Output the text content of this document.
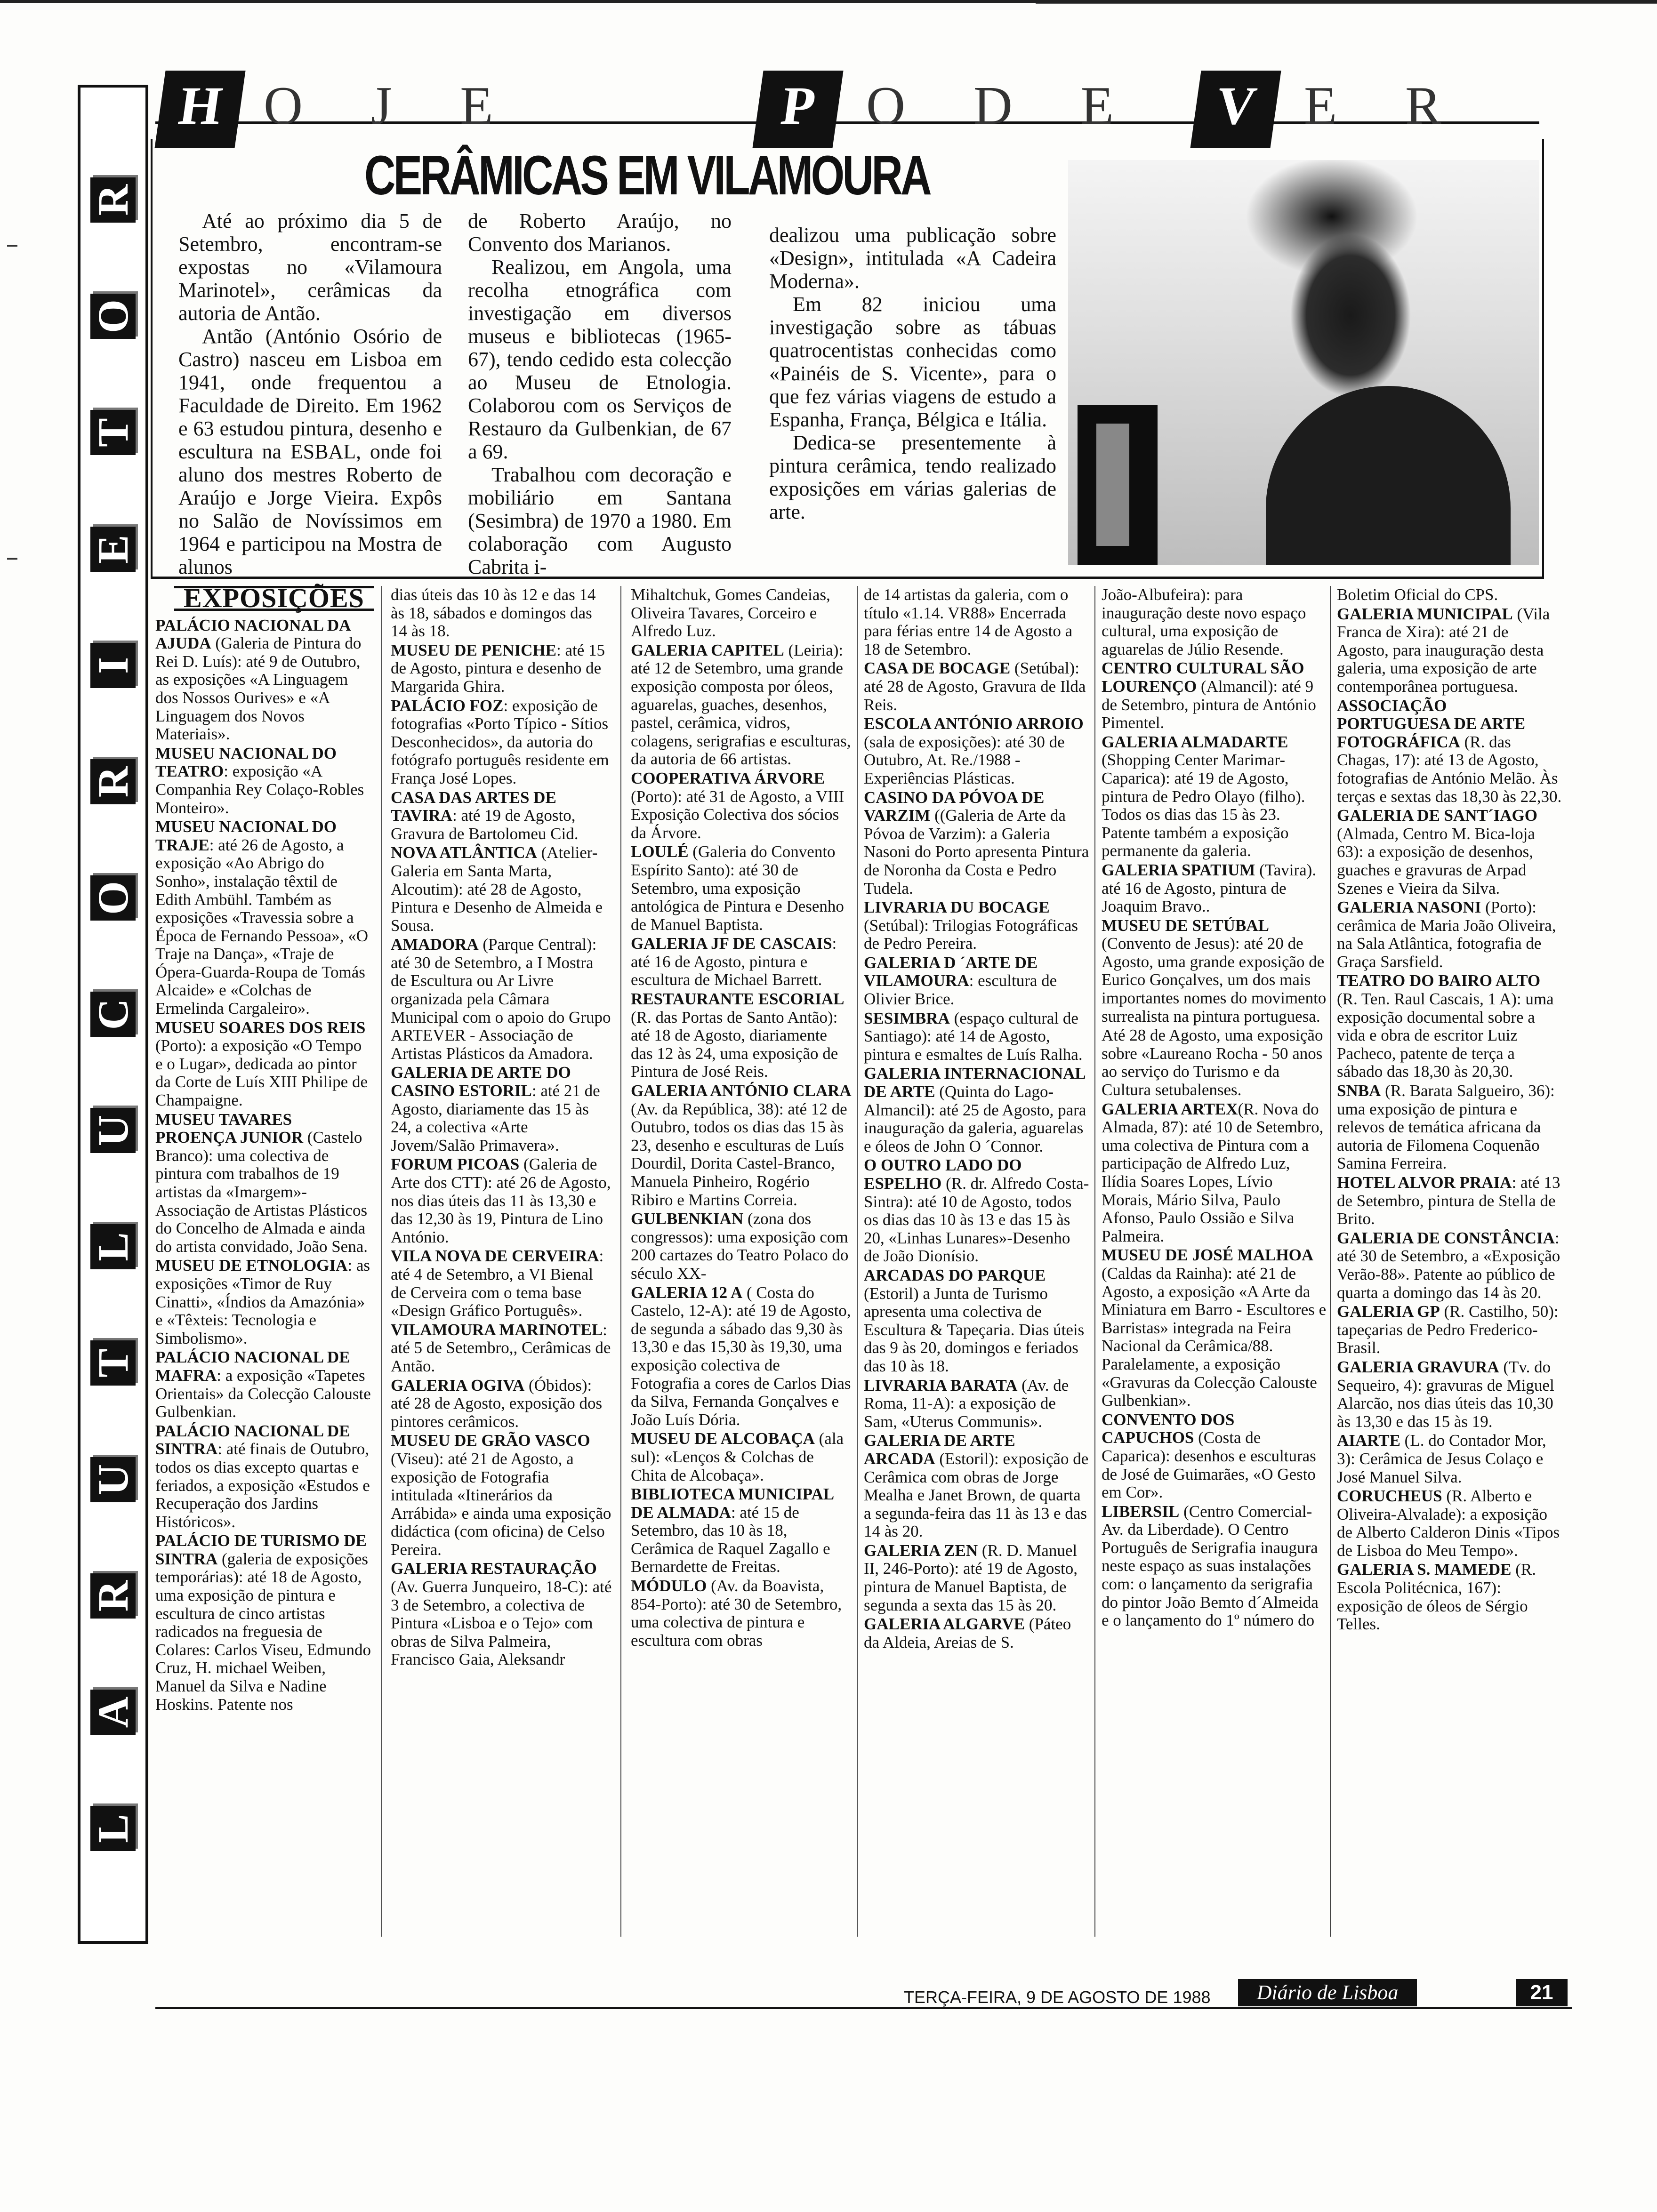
R
O
T
E
I
R
O
C
U
L
T
U
R
A
L
H O J E	P O D E	V E R
CERÂMICAS EM VILAMOURA

Até ao próximo dia 5 de Setembro, encontram-se expostas no «Vilamoura Marinotel», cerâmicas da autoria de Antão.

Antão (António Osório de Castro) nasceu em Lisboa em 1941, onde frequentou a Faculdade de Direito. Em 1962 e 63 estudou pintura, desenho e escultura na ESBAL, onde foi aluno dos mestres Roberto de Araújo e Jorge Vieira. Expôs no Salão de Novíssimos em 1964 e participou na Mostra de alunos

de Roberto Araújo, no Convento dos Marianos.

Realizou, em Angola, uma recolha etnográfica com investigação em diversos museus e bibliotecas (1965-67), tendo cedido esta colecção ao Museu de Etnologia. Colaborou com os Serviços de Restauro da Gulbenkian, de 67 a 69.

Trabalhou com decoração e mobiliário em Santana (Sesimbra) de 1970 a 1980. Em colaboração com Augusto Cabrita i-

dealizou uma publicação sobre «Design», intitulada «A Cadeira Moderna».

Em 82 iniciou uma investigação sobre as tábuas quatrocentistas conhecidas como «Painéis de S. Vicente», para o que fez várias viagens de estudo a Espanha, França, Bélgica e Itália.

Dedica-se presentemente à pintura cerâmica, tendo realizado exposições em várias galerias de arte.

EXPOSIÇÕES
PALÁCIO NACIONAL DA AJUDA (Galeria de Pintura do Rei D. Luís): até 9 de Outubro, as exposições «A Linguagem dos Nossos Ourives» e «A Linguagem dos Novos Materiais».
MUSEU NACIONAL DO TEATRO: exposição «A Companhia Rey Colaço-Robles Monteiro».
MUSEU NACIONAL DO TRAJE: até 26 de Agosto, a exposição «Ao Abrigo do Sonho», instalação têxtil de Edith Ambühl. Também as exposições «Travessia sobre a Época de Fernando Pessoa», «O Traje na Dança», «Traje de Ópera-Guarda-Roupa de Tomás Alcaide» e «Colchas de Ermelinda Cargaleiro».
MUSEU SOARES DOS REIS (Porto): a exposição «O Tempo e o Lugar», dedicada ao pintor da Corte de Luís XIII Philipe de Champaigne.
MUSEU TAVARES PROENÇA JUNIOR (Castelo Branco): uma colectiva de pintura com trabalhos de 19 artistas da «Imargem»-Associação de Artistas Plásticos do Concelho de Almada e ainda do artista convidado, João Sena.
MUSEU DE ETNOLOGIA: as exposições «Timor de Ruy Cinatti», «Índios da Amazónia» e «Têxteis: Tecnologia e Simbolismo».
PALÁCIO NACIONAL DE MAFRA: a exposição «Tapetes Orientais» da Colecção Calouste Gulbenkian.
PALÁCIO NACIONAL DE SINTRA: até finais de Outubro, todos os dias excepto quartas e feriados, a exposição «Estudos e Recuperação dos Jardins Históricos».
PALÁCIO DE TURISMO DE SINTRA (galeria de exposições temporárias): até 18 de Agosto, uma exposição de pintura e escultura de cinco artistas radicados na freguesia de Colares: Carlos Viseu, Edmundo Cruz, H. michael Weiben, Manuel da Silva e Nadine Hoskins. Patente nos
dias úteis das 10 às 12 e das 14 às 18, sábados e domingos das 14 às 18.
MUSEU DE PENICHE: até 15 de Agosto, pintura e desenho de Margarida Ghira.
PALÁCIO FOZ: exposição de fotografias «Porto Típico - Sítios Desconhecidos», da autoria do fotógrafo português residente em França José Lopes.
CASA DAS ARTES DE TAVIRA: até 19 de Agosto, Gravura de Bartolomeu Cid.
NOVA ATLÂNTICA (Atelier-Galeria em Santa Marta, Alcoutim): até 28 de Agosto, Pintura e Desenho de Almeida e Sousa.
AMADORA (Parque Central): até 30 de Setembro, a I Mostra de Escultura ou Ar Livre organizada pela Câmara Municipal com o apoio do Grupo ARTEVER - Associação de Artistas Plásticos da Amadora.
GALERIA DE ARTE DO CASINO ESTORIL: até 21 de Agosto, diariamente das 15 às 24, a colectiva «Arte Jovem/Salão Primavera».
FORUM PICOAS (Galeria de Arte dos CTT): até 26 de Agosto, nos dias úteis das 11 às 13,30 e das 12,30 às 19, Pintura de Lino António.
VILA NOVA DE CERVEIRA: até 4 de Setembro, a VI Bienal de Cerveira com o tema base «Design Gráfico Português».
VILAMOURA MARINOTEL: até 5 de Setembro,, Cerâmicas de Antão.
GALERIA OGIVA (Óbidos): até 28 de Agosto, exposição dos pintores cerâmicos.
MUSEU DE GRÃO VASCO (Viseu): até 21 de Agosto, a exposição de Fotografia intitulada «Itinerários da Arrábida» e ainda uma exposição didáctica (com oficina) de Celso Pereira.
GALERIA RESTAURAÇÃO (Av. Guerra Junqueiro, 18-C): até 3 de Setembro, a colectiva de Pintura «Lisboa e o Tejo» com obras de Silva Palmeira, Francisco Gaia, Aleksandr
Mihaltchuk, Gomes Candeias, Oliveira Tavares, Corceiro e Alfredo Luz.
GALERIA CAPITEL (Leiria): até 12 de Setembro, uma grande exposição composta por óleos, aguarelas, guaches, desenhos, pastel, cerâmica, vidros, colagens, serigrafias e esculturas, da autoria de 66 artistas.
COOPERATIVA ÁRVORE (Porto): até 31 de Agosto, a VIII Exposição Colectiva dos sócios da Árvore.
LOULÉ (Galeria do Convento Espírito Santo): até 30 de Setembro, uma exposição antológica de Pintura e Desenho de Manuel Baptista.
GALERIA JF DE CASCAIS: até 16 de Agosto, pintura e escultura de Michael Barrett.
RESTAURANTE ESCORIAL (R. das Portas de Santo Antão): até 18 de Agosto, diariamente das 12 às 24, uma exposição de Pintura de José Reis.
GALERIA ANTÓNIO CLARA (Av. da República, 38): até 12 de Outubro, todos os dias das 15 às 23, desenho e esculturas de Luís Dourdil, Dorita Castel-Branco, Manuela Pinheiro, Rogério Ribiro e Martins Correia.
GULBENKIAN (zona dos congressos): uma exposição com 200 cartazes do Teatro Polaco do século XX-
GALERIA 12 A ( Costa do Castelo, 12-A): até 19 de Agosto, de segunda a sábado das 9,30 às 13,30 e das 15,30 às 19,30, uma exposição colectiva de Fotografia a cores de Carlos Dias da Silva, Fernanda Gonçalves e João Luís Dória.
MUSEU DE ALCOBAÇA (ala sul): «Lenços & Colchas de Chita de Alcobaça».
BIBLIOTECA MUNICIPAL DE ALMADA: até 15 de Setembro, das 10 às 18, Cerâmica de Raquel Zagallo e Bernardette de Freitas.
MÓDULO (Av. da Boavista, 854-Porto): até 30 de Setembro, uma colectiva de pintura e escultura com obras
de 14 artistas da galeria, com o título «1.14. VR88» Encerrada para férias entre 14 de Agosto a 18 de Setembro.
CASA DE BOCAGE (Setúbal): até 28 de Agosto, Gravura de Ilda Reis.
ESCOLA ANTÓNIO ARROIO (sala de exposições): até 30 de Outubro, At. Re./1988 - Experiências Plásticas.
CASINO DA PÓVOA DE VARZIM ((Galeria de Arte da Póvoa de Varzim): a Galeria Nasoni do Porto apresenta Pintura de Noronha da Costa e Pedro Tudela.
LIVRARIA DU BOCAGE (Setúbal): Trilogias Fotográficas de Pedro Pereira.
GALERIA D ´ARTE DE VILAMOURA: escultura de Olivier Brice.
SESIMBRA (espaço cultural de Santiago): até 14 de Agosto, pintura e esmaltes de Luís Ralha.
GALERIA INTERNACIONAL DE ARTE (Quinta do Lago-Almancil): até 25 de Agosto, para inauguração da galeria, aguarelas e óleos de John O ´Connor.
O OUTRO LADO DO ESPELHO (R. dr. Alfredo Costa-Sintra): até 10 de Agosto, todos os dias das 10 às 13 e das 15 às 20, «Linhas Lunares»-Desenho de João Dionísio.
ARCADAS DO PARQUE (Estoril) a Junta de Turismo apresenta uma colectiva de Escultura & Tapeçaria. Dias úteis das 9 às 20, domingos e feriados das 10 às 18.
LIVRARIA BARATA (Av. de Roma, 11-A): a exposição de Sam, «Uterus Communis».
GALERIA DE ARTE ARCADA (Estoril): exposição de Cerâmica com obras de Jorge Mealha e Janet Brown, de quarta a segunda-feira das 11 às 13 e das 14 às 20.
GALERIA ZEN (R. D. Manuel II, 246-Porto): até 19 de Agosto, pintura de Manuel Baptista, de segunda a sexta das 15 às 20.
GALERIA ALGARVE (Páteo da Aldeia, Areias de S.
João-Albufeira): para inauguração deste novo espaço cultural, uma exposição de aguarelas de Júlio Resende.
CENTRO CULTURAL SÃO LOURENÇO (Almancil): até 9 de Setembro, pintura de António Pimentel.
GALERIA ALMADARTE (Shopping Center Marimar-Caparica): até 19 de Agosto, pintura de Pedro Olayo (filho). Todos os dias das 15 às 23. Patente também a exposição permanente da galeria.
GALERIA SPATIUM (Tavira). até 16 de Agosto, pintura de Joaquim Bravo..
MUSEU DE SETÚBAL (Convento de Jesus): até 20 de Agosto, uma grande exposição de Eurico Gonçalves, um dos mais importantes nomes do movimento surrealista na pintura portuguesa.
Até 28 de Agosto, uma exposição sobre «Laureano Rocha - 50 anos ao serviço do Turismo e da Cultura setubalenses.
GALERIA ARTEX(R. Nova do Almada, 87): até 10 de Setembro, uma colectiva de Pintura com a participação de Alfredo Luz, Ilídia Soares Lopes, Lívio Morais, Mário Silva, Paulo Afonso, Paulo Ossião e Silva Palmeira.
MUSEU DE JOSÉ MALHOA (Caldas da Rainha): até 21 de Agosto, a exposição «A Arte da Miniatura em Barro - Escultores e Barristas» integrada na Feira Nacional da Cerâmica/88. Paralelamente, a exposição «Gravuras da Colecção Calouste Gulbenkian».
CONVENTO DOS CAPUCHOS (Costa de Caparica): desenhos e esculturas de José de Guimarães, «O Gesto em Cor».
LIBERSIL (Centro Comercial-Av. da Liberdade). O Centro Português de Serigrafia inaugura neste espaço as suas instalações com: o lançamento da serigrafia do pintor João Bemto d´Almeida e o lançamento do 1º número do
Boletim Oficial do CPS.
GALERIA MUNICIPAL (Vila Franca de Xira): até 21 de Agosto, para inauguração desta galeria, uma exposição de arte contemporânea portuguesa.
ASSOCIAÇÃO PORTUGUESA DE ARTE FOTOGRÁFICA (R. das Chagas, 17): até 13 de Agosto, fotografias de António Melão. Às terças e sextas das 18,30 às 22,30.
GALERIA DE SANT´IAGO (Almada, Centro M. Bica-loja 63): a exposição de desenhos, guaches e gravuras de Arpad Szenes e Vieira da Silva.
GALERIA NASONI (Porto): cerâmica de Maria João Oliveira, na Sala Atlântica, fotografia de Graça Sarsfield.
TEATRO DO BAIRO ALTO (R. Ten. Raul Cascais, 1 A): uma exposição documental sobre a vida e obra de escritor Luiz Pacheco, patente de terça a sábado das 18,30 às 20,30.
SNBA (R. Barata Salgueiro, 36): uma exposição de pintura e relevos de temática africana da autoria de Filomena Coquenão Samina Ferreira.
HOTEL ALVOR PRAIA: até 13 de Setembro, pintura de Stella de Brito.
GALERIA DE CONSTÂNCIA: até 30 de Setembro, a «Exposição Verão-88». Patente ao público de quarta a domingo das 14 às 20.
GALERIA GP (R. Castilho, 50): tapeçarias de Pedro Frederico-Brasil.
GALERIA GRAVURA (Tv. do Sequeiro, 4): gravuras de Miguel Alarcão, nos dias úteis das 10,30 às 13,30 e das 15 às 19.
AIARTE (L. do Contador Mor, 3): Cerâmica de Jesus Colaço e José Manuel Silva.
CORUCHEUS (R. Alberto e Oliveira-Alvalade): a exposição de Alberto Calderon Dinis «Tipos de Lisboa do Meu Tempo».
GALERIA S. MAMEDE (R. Escola Politécnica, 167): exposição de óleos de Sérgio Telles.
TERÇA-FEIRA, 9 DE AGOSTO DE 1988	Diário de Lisboa	21
